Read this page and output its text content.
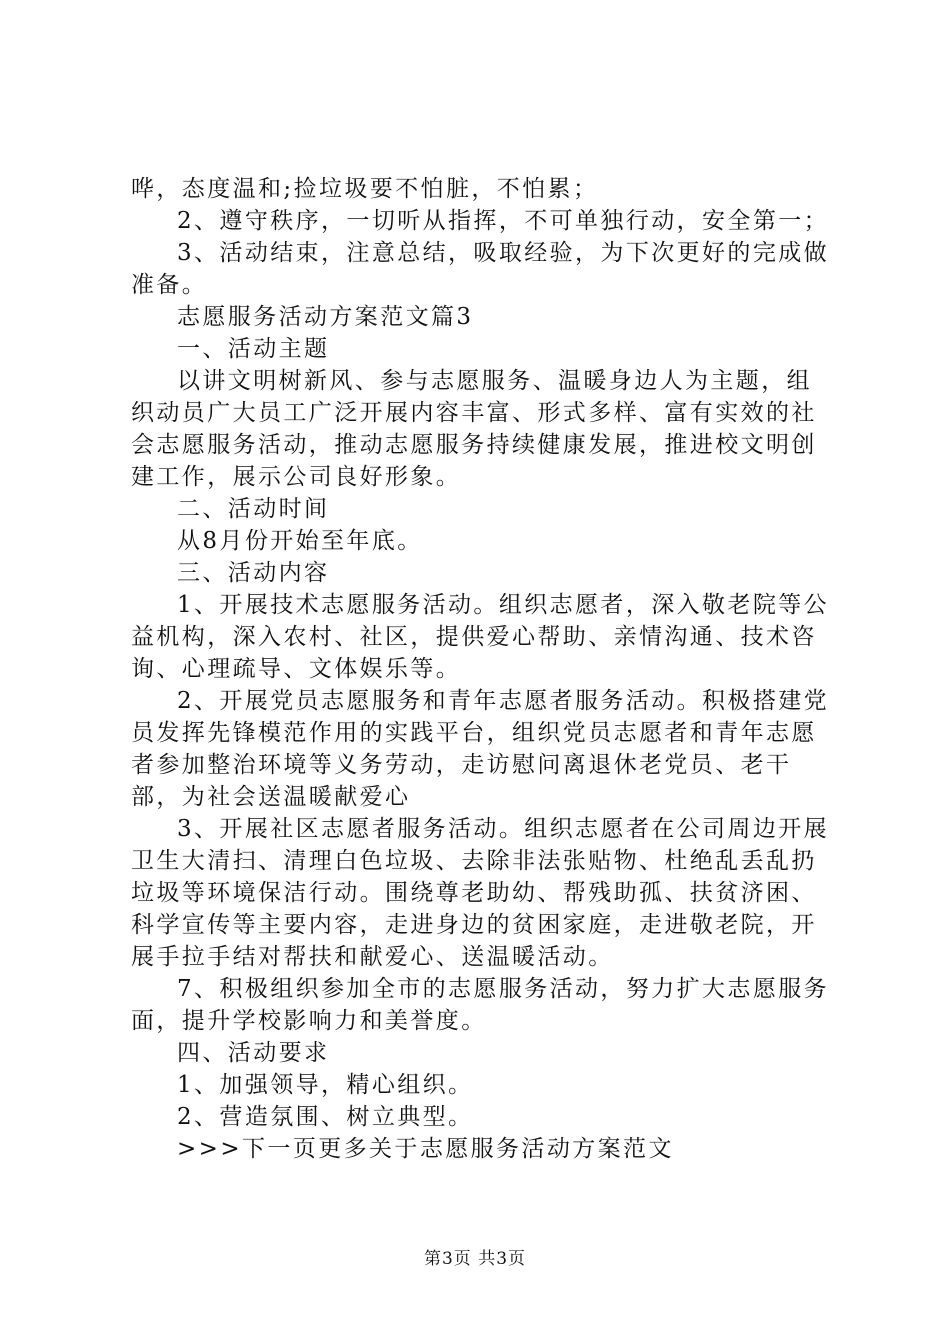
哗，态度温和;捡垃圾要不怕脏，不怕累；

2、遵守秩序，一切听从指挥，不可单独行动，安全第一；

3、活动结束，注意总结，吸取经验，为下次更好的完成做准备。

志愿服务活动方案范文篇3

一、活动主题

以讲文明树新风、参与志愿服务、温暖身边人为主题，组织动员广大员工广泛开展内容丰富、形式多样、富有实效的社会志愿服务活动，推动志愿服务持续健康发展，推进校文明创建工作，展示公司良好形象。

二、活动时间

从8月份开始至年底。

三、活动内容

1、开展技术志愿服务活动。组织志愿者，深入敬老院等公益机构，深入农村、社区，提供爱心帮助、亲情沟通、技术咨询、心理疏导、文体娱乐等。

2、开展党员志愿服务和青年志愿者服务活动。积极搭建党员发挥先锋模范作用的实践平台，组织党员志愿者和青年志愿者参加整治环境等义务劳动，走访慰问离退休老党员、老干部，为社会送温暖献爱心

3、开展社区志愿者服务活动。组织志愿者在公司周边开展卫生大清扫、清理白色垃圾、去除非法张贴物、杜绝乱丢乱扔垃圾等环境保洁行动。围绕尊老助幼、帮残助孤、扶贫济困、科学宣传等主要内容，走进身边的贫困家庭，走进敬老院，开展手拉手结对帮扶和献爱心、送温暖活动。

7、积极组织参加全市的志愿服务活动，努力扩大志愿服务面，提升学校影响力和美誉度。

四、活动要求

1、加强领导，精心组织。

2、营造氛围、树立典型。

>>>下一页更多关于志愿服务活动方案范文

第3页 共3页
